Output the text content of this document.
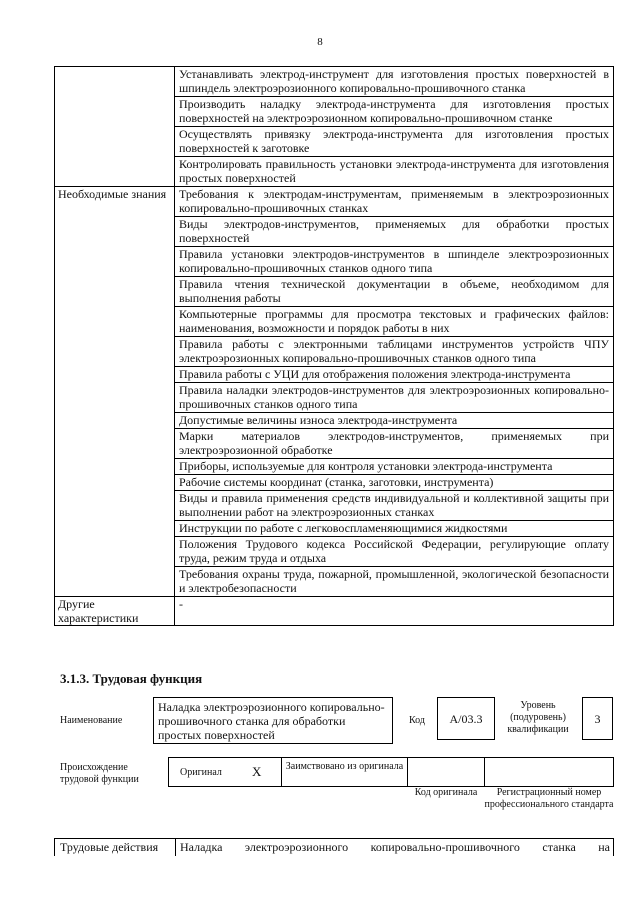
8
	Устанавливать электрод-инструмент для изготовления простых поверхностей в шпиндель электроэрозионного копировально-прошивочного станка
	Производить наладку электрода-инструмента для изготовления простых поверхностей на электроэрозионном копировально-прошивочном станке
	Осуществлять привязку электрода-инструмента для изготовления простых поверхностей к заготовке
	Контролировать правильность установки электрода-инструмента для изготовления простых поверхностей
Необходимые знания	Требования к электродам-инструментам, применяемым в электроэрозионных копировально-прошивочных станках
	Виды электродов-инструментов, применяемых для обработки простых поверхностей
	Правила установки электродов-инструментов в шпинделе электроэрозионных копировально-прошивочных станков одного типа
	Правила чтения технической документации в объеме, необходимом для выполнения работы
	Компьютерные программы для просмотра текстовых и графических файлов: наименования, возможности и порядок работы в них
	Правила работы с электронными таблицами инструментов устройств ЧПУ электроэрозионных копировально-прошивочных станков одного типа
	Правила работы с УЦИ для отображения положения электрода-инструмента
	Правила наладки электродов-инструментов для электроэрозионных копировально-прошивочных станков одного типа
	Допустимые величины износа электрода-инструмента
	Марки материалов электродов-инструментов, применяемых при электроэрозионной обработке
	Приборы, используемые для контроля установки электрода-инструмента
	Рабочие системы координат (станка, заготовки, инструмента)
	Виды и правила применения средств индивидуальной и коллективной защиты при выполнении работ на электроэрозионных станках
	Инструкции по работе с легковоспламеняющимися жидкостями
	Положения Трудового кодекса Российской Федерации, регулирующие оплату труда, режим труда и отдыха
	Требования охраны труда, пожарной, промышленной, экологической безопасности и электробезопасности
Другие характеристики	-
3.1.3. Трудовая функция
Наименование
Наладка электроэрозионного копировально-прошивочного станка для обработки простых поверхностей
Код	A/03.3
Уровень (подуровень) квалификации
3
Происхождение трудовой функции
Оригинал X Заимствовано из оригинала
Код оригинала	Регистрационный номер профессионального стандарта
Трудовые действия Наладка электроэрозионного копировально-прошивочного станка на
